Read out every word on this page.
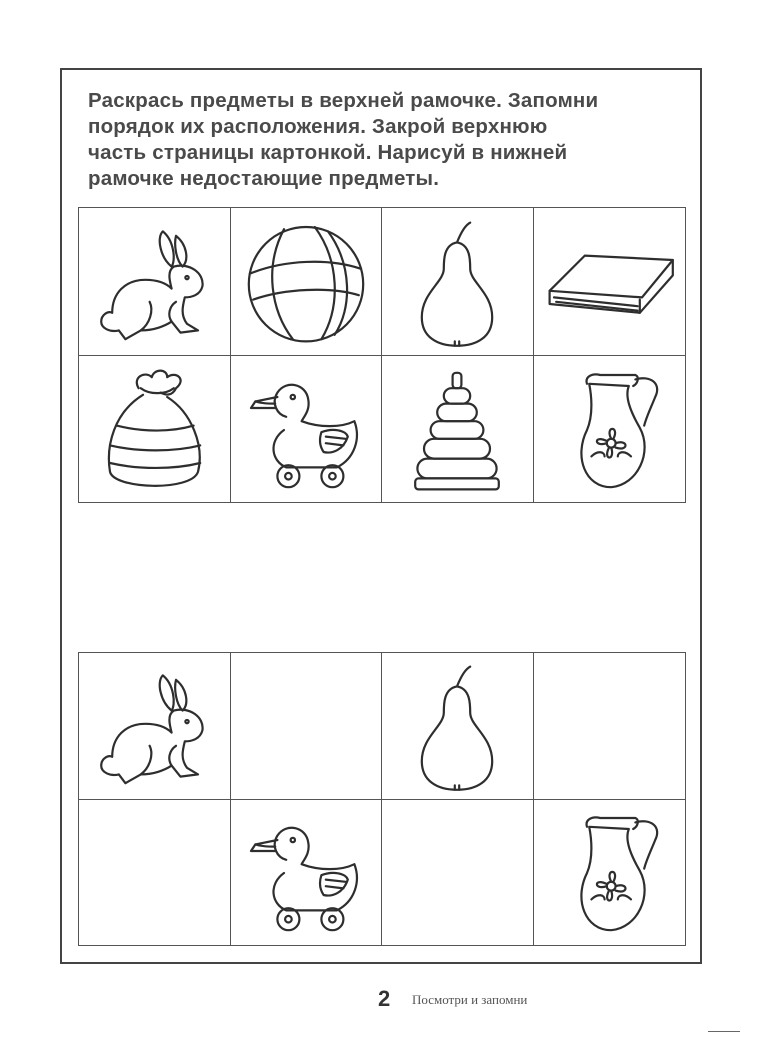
Раскрась предметы в верхней рамочке. Запомни
порядок их расположения. Закрой верхнюю
часть страницы картонкой. Нарисуй в нижней
рамочке недостающие предметы.
2 Посмотри и запомни
